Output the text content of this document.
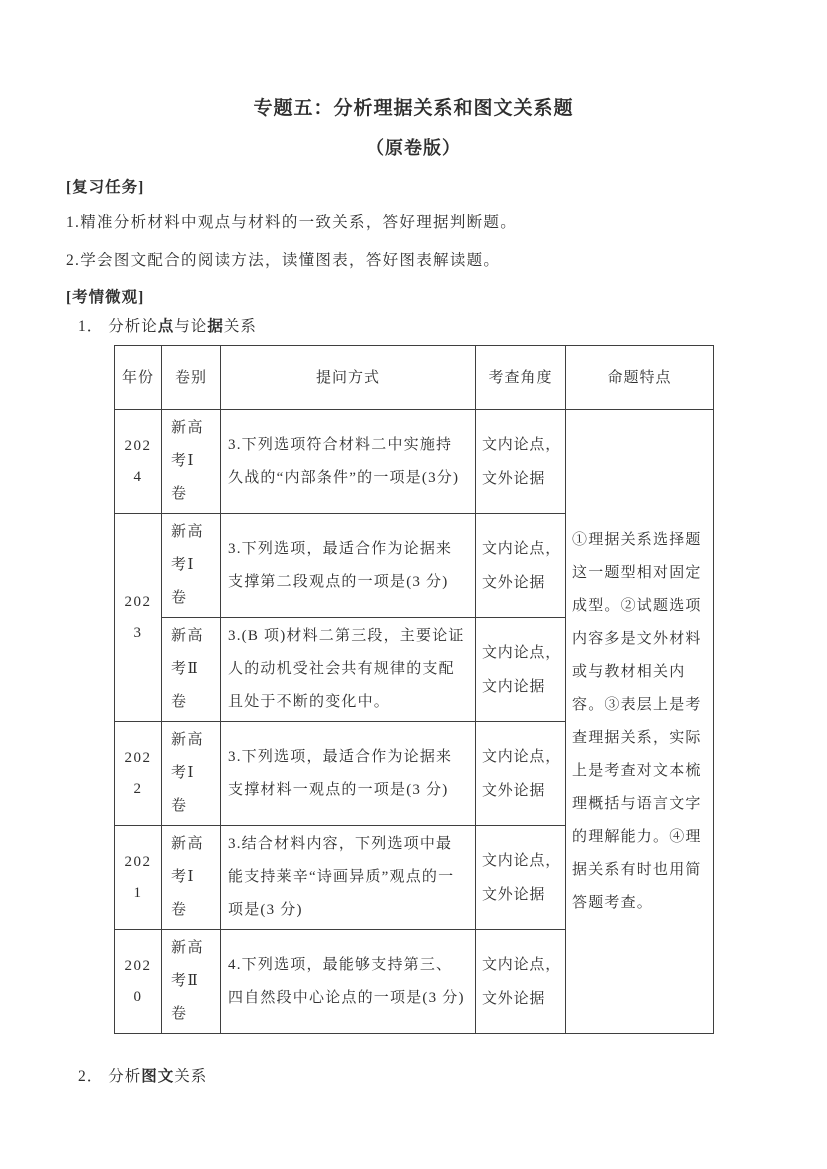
专题五：分析理据关系和图文关系题
（原卷版）
[复习任务]

1.精准分析材料中观点与材料的一致关系，答好理据判断题。

2.学会图文配合的阅读方法，读懂图表，答好图表解读题。

[考情微观]
1． 分析论点与论据关系
年份	卷别	提问方式	考查角度	命题特点
2024	新高考Ⅰ卷	3.下列选项符合材料二中实施持久战的“内部条件”的一项是(3分)	文内论点，文外论据	①理据关系选择题这一题型相对固定成型。②试题选项内容多是文外材料或与教材相关内容。③表层上是考查理据关系，实际上是考查对文本梳理概括与语言文字的理解能力。④理据关系有时也用简答题考查。
2023	新高考Ⅰ卷	3.下列选项，最适合作为论据来支撑第二段观点的一项是(3 分)	文内论点，文外论据	
	新高考Ⅱ卷	3.(B 项)材料二第三段，主要论证人的动机受社会共有规律的支配且处于不断的变化中。	文内论点，文内论据	
2022	新高考Ⅰ卷	3.下列选项，最适合作为论据来支撑材料一观点的一项是(3 分)	文内论点，文外论据	
2021	新高考Ⅰ卷	3.结合材料内容，下列选项中最能支持莱辛“诗画异质”观点的一项是(3 分)	文内论点，文外论据	
2020	新高考Ⅱ卷	4.下列选项，最能够支持第三、四自然段中心论点的一项是(3 分)	文内论点，文外论据	
2． 分析图文关系
